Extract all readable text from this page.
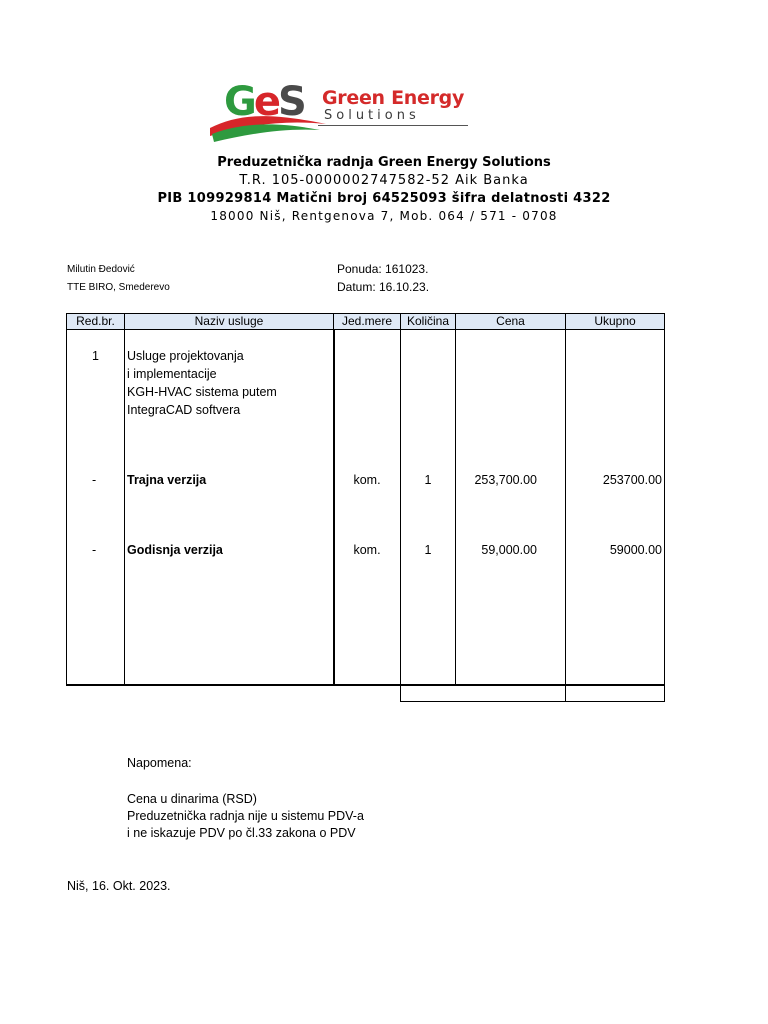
GeS Green Energy
Solutions
Preduzetnička radnja Green Energy Solutions
T.R. 105-0000002747582-52 Aik Banka
PIB 109929814 Matični broj 64525093 šifra delatnosti 4322
18000 Niš, Rentgenova 7, Mob. 064 / 571 - 0708
Milutin Đedović
TTE BIRO, Smederevo
Ponuda: 161023.
Datum: 16.10.23.
Red.br.	Naziv usluge	Jed.mere	Količina	Cena	Ukupno
1 Usluge projektovanja
i implementacije
KGH-HVAC sistema putem
IntegraCAD softvera
- Trajna verzija	kom.	1	253,700.00	253700.00
- Godisnja verzija	kom.	1	59,000.00	59000.00
Napomena:
Cena u dinarima (RSD)
Preduzetnička radnja nije u sistemu PDV-a
i ne iskazuje PDV po čl.33 zakona o PDV
Niš, 16. Okt. 2023.
